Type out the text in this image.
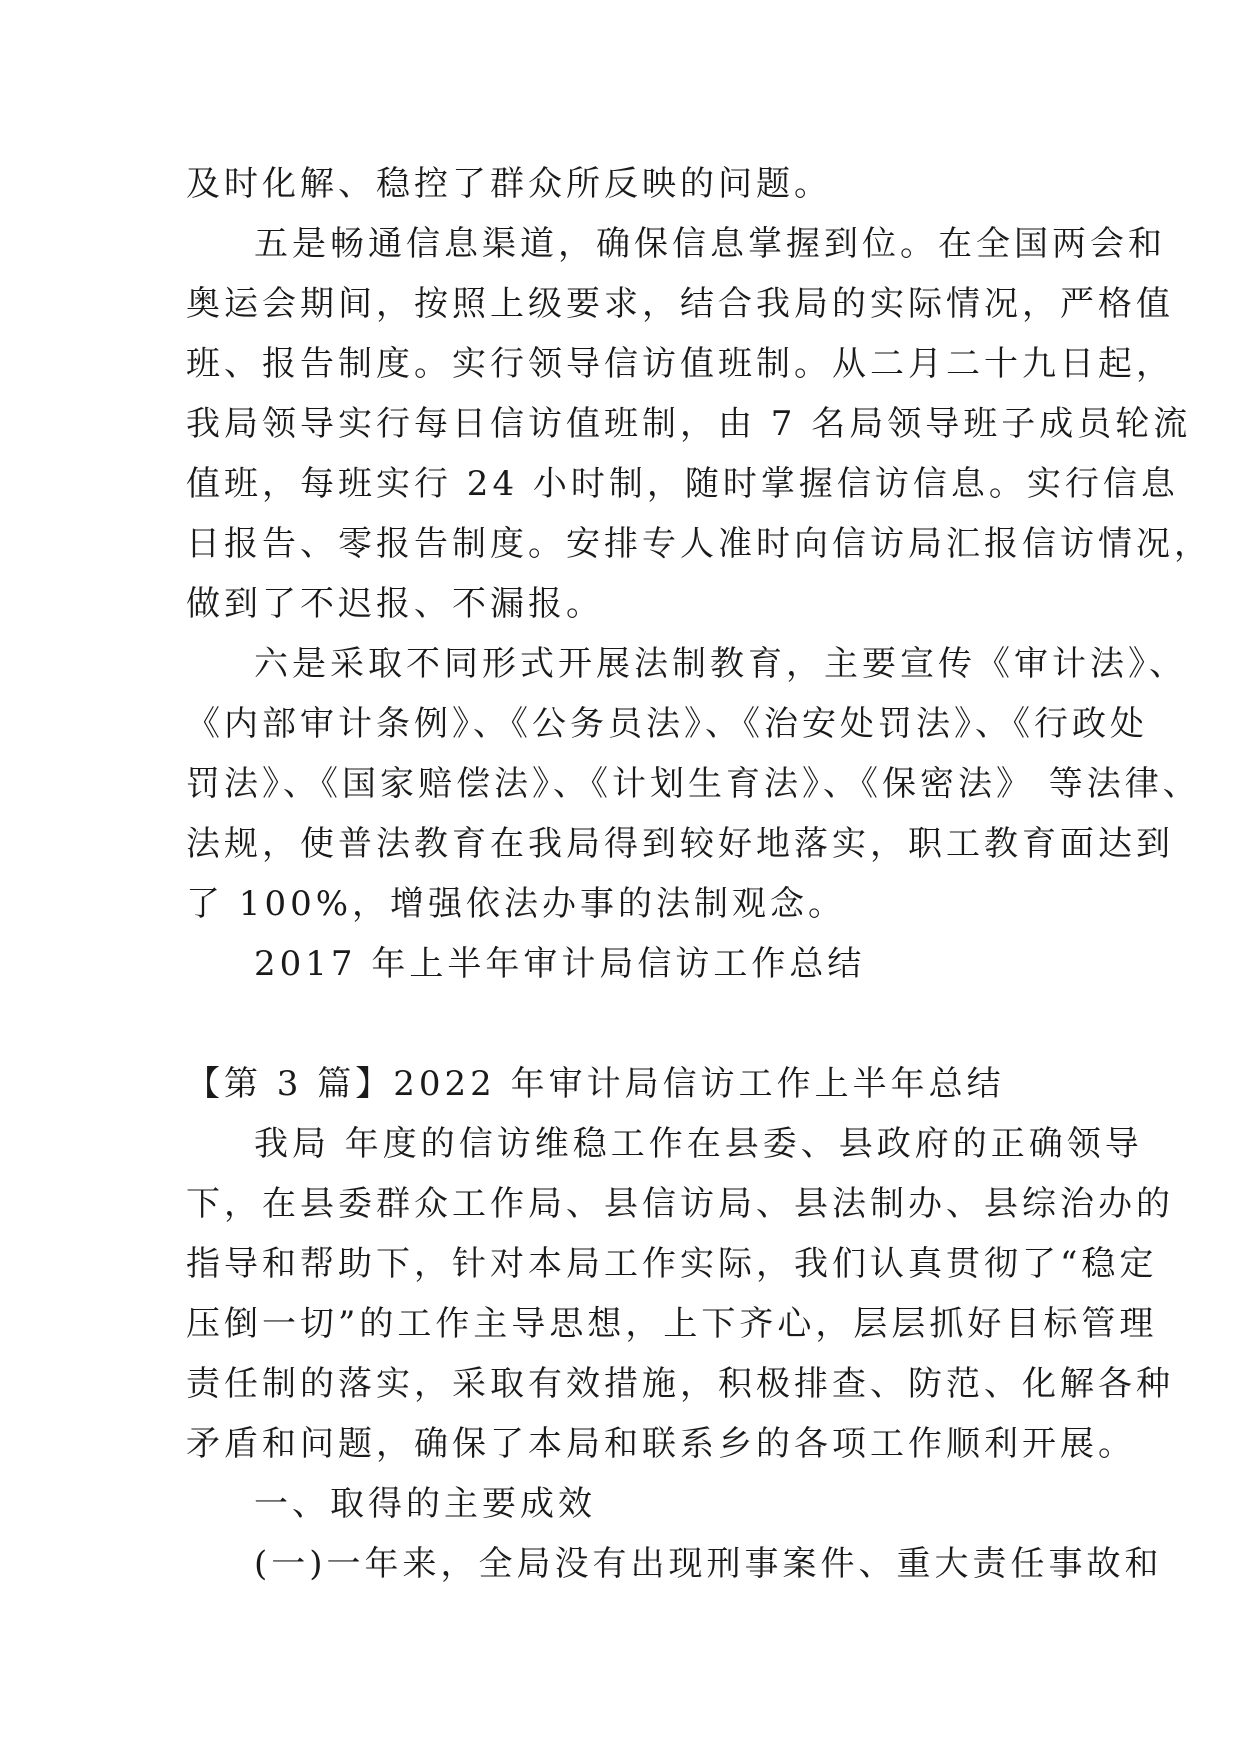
及时化解、稳控了群众所反映的问题。
五是畅通信息渠道，确保信息掌握到位。在全国两会和
奥运会期间，按照上级要求，结合我局的实际情况，严格值
班、报告制度。实行领导信访值班制。从二月二十九日起，
我局领导实行每日信访值班制，由 7 名局领导班子成员轮流
值班，每班实行 24 小时制，随时掌握信访信息。实行信息
日报告、零报告制度。安排专人准时向信访局汇报信访情况，
做到了不迟报、不漏报。
六是采取不同形式开展法制教育，主要宣传《审计法》、
《内部审计条例》、《公务员法》、《治安处罚法》、《行政处
罚法》、《国家赔偿法》、《计划生育法》、《保密法》 等法律、
法规，使普法教育在我局得到较好地落实，职工教育面达到
了 100%，增强依法办事的法制观念。
2017 年上半年审计局信访工作总结
【第 3 篇】2022 年审计局信访工作上半年总结
我局 年度的信访维稳工作在县委、县政府的正确领导
下，在县委群众工作局、县信访局、县法制办、县综治办的
指导和帮助下，针对本局工作实际，我们认真贯彻了“稳定
压倒一切”的工作主导思想，上下齐心，层层抓好目标管理
责任制的落实，采取有效措施，积极排查、防范、化解各种
矛盾和问题，确保了本局和联系乡的各项工作顺利开展。
一、取得的主要成效
(一)一年来，全局没有出现刑事案件、重大责任事故和
